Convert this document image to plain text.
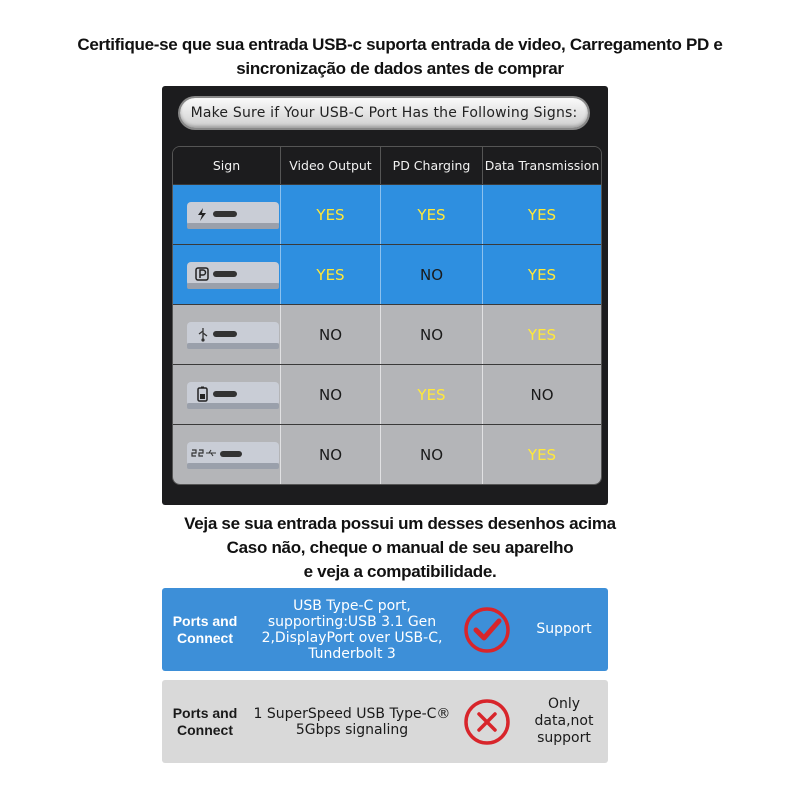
Certifique-se que sua entrada USB-c suporta entrada de video, Carregamento PD e
sincronização de dados antes de comprar
Make Sure if Your USB-C Port Has the Following Signs:
Sign	Video Output	PD Charging	Data Transmission
YES	YES	YES
YES	NO	YES
NO	NO	YES
NO	YES	NO
NO	NO	YES
Veja se sua entrada possui um desses desenhos acima
Caso não, cheque o manual de seu aparelho
e veja a compatibilidade.
Ports and Connect
USB Type-C port, supporting:USB 3.1 Gen 2,DisplayPort over USB-C, Tunderbolt 3
Support
Ports and Connect
1 SuperSpeed USB Type-C® 5Gbps signaling
Only data,not support
